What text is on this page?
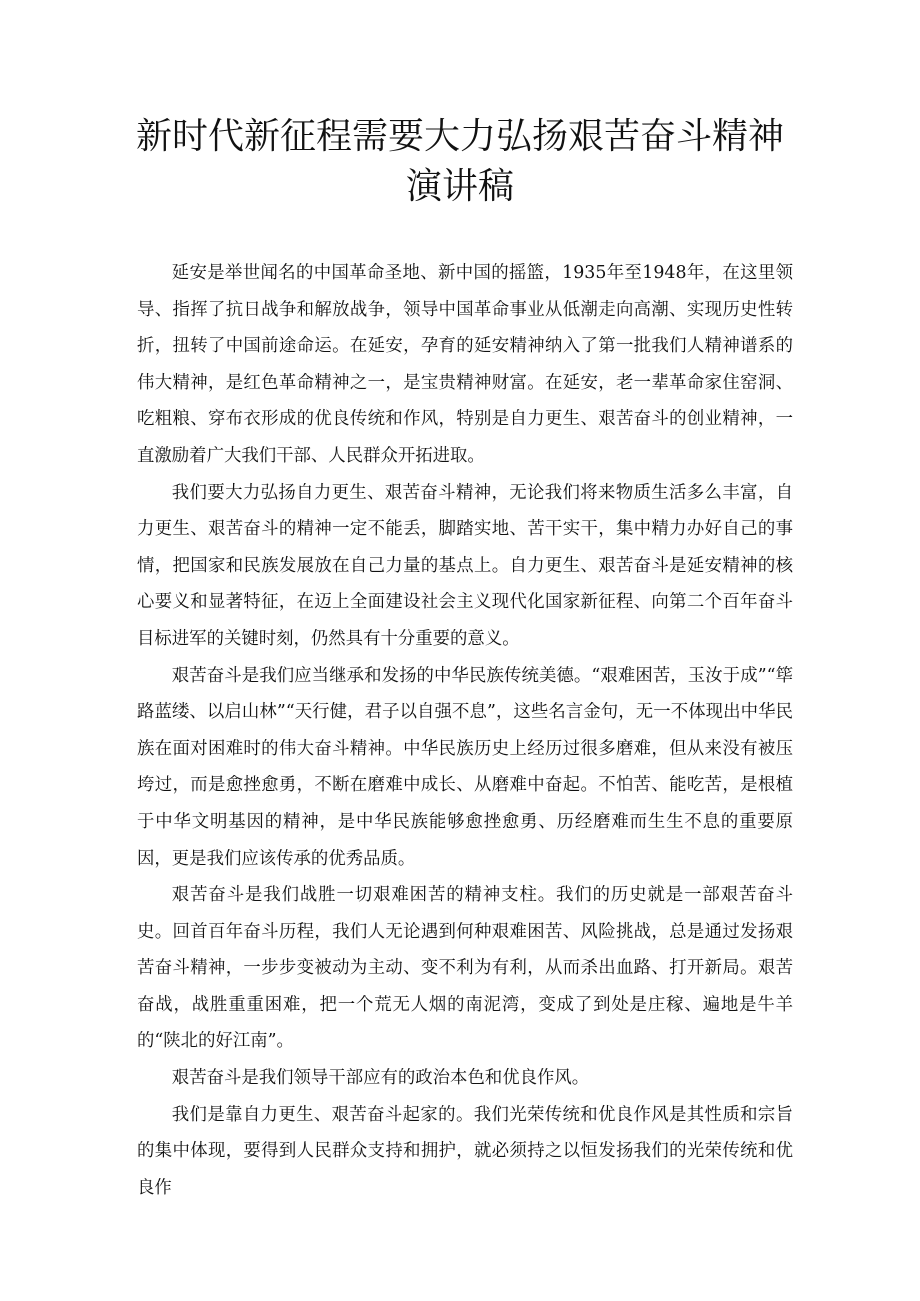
新时代新征程需要大力弘扬艰苦奋斗精神
演讲稿

延安是举世闻名的中国革命圣地、新中国的摇篮，1935年至1948年，在这里领导、指挥了抗日战争和解放战争，领导中国革命事业从低潮走向高潮、实现历史性转折，扭转了中国前途命运。在延安，孕育的延安精神纳入了第一批我们人精神谱系的伟大精神，是红色革命精神之一，是宝贵精神财富。在延安，老一辈革命家住窑洞、吃粗粮、穿布衣形成的优良传统和作风，特别是自力更生、艰苦奋斗的创业精神，一直激励着广大我们干部、人民群众开拓进取。

我们要大力弘扬自力更生、艰苦奋斗精神，无论我们将来物质生活多么丰富，自力更生、艰苦奋斗的精神一定不能丢，脚踏实地、苦干实干，集中精力办好自己的事情，把国家和民族发展放在自己力量的基点上。自力更生、艰苦奋斗是延安精神的核心要义和显著特征，在迈上全面建设社会主义现代化国家新征程、向第二个百年奋斗目标进军的关键时刻，仍然具有十分重要的意义。

艰苦奋斗是我们应当继承和发扬的中华民族传统美德。“艰难困苦，玉汝于成”“筚路蓝缕、以启山林”“天行健，君子以自强不息”，这些名言金句，无一不体现出中华民族在面对困难时的伟大奋斗精神。中华民族历史上经历过很多磨难，但从来没有被压垮过，而是愈挫愈勇，不断在磨难中成长、从磨难中奋起。不怕苦、能吃苦，是根植于中华文明基因的精神，是中华民族能够愈挫愈勇、历经磨难而生生不息的重要原因，更是我们应该传承的优秀品质。

艰苦奋斗是我们战胜一切艰难困苦的精神支柱。我们的历史就是一部艰苦奋斗史。回首百年奋斗历程，我们人无论遇到何种艰难困苦、风险挑战，总是通过发扬艰苦奋斗精神，一步步变被动为主动、变不利为有利，从而杀出血路、打开新局。艰苦奋战，战胜重重困难，把一个荒无人烟的南泥湾，变成了到处是庄稼、遍地是牛羊的“陕北的好江南”。

艰苦奋斗是我们领导干部应有的政治本色和优良作风。

我们是靠自力更生、艰苦奋斗起家的。我们光荣传统和优良作风是其性质和宗旨的集中体现，要得到人民群众支持和拥护，就必须持之以恒发扬我们的光荣传统和优良作
